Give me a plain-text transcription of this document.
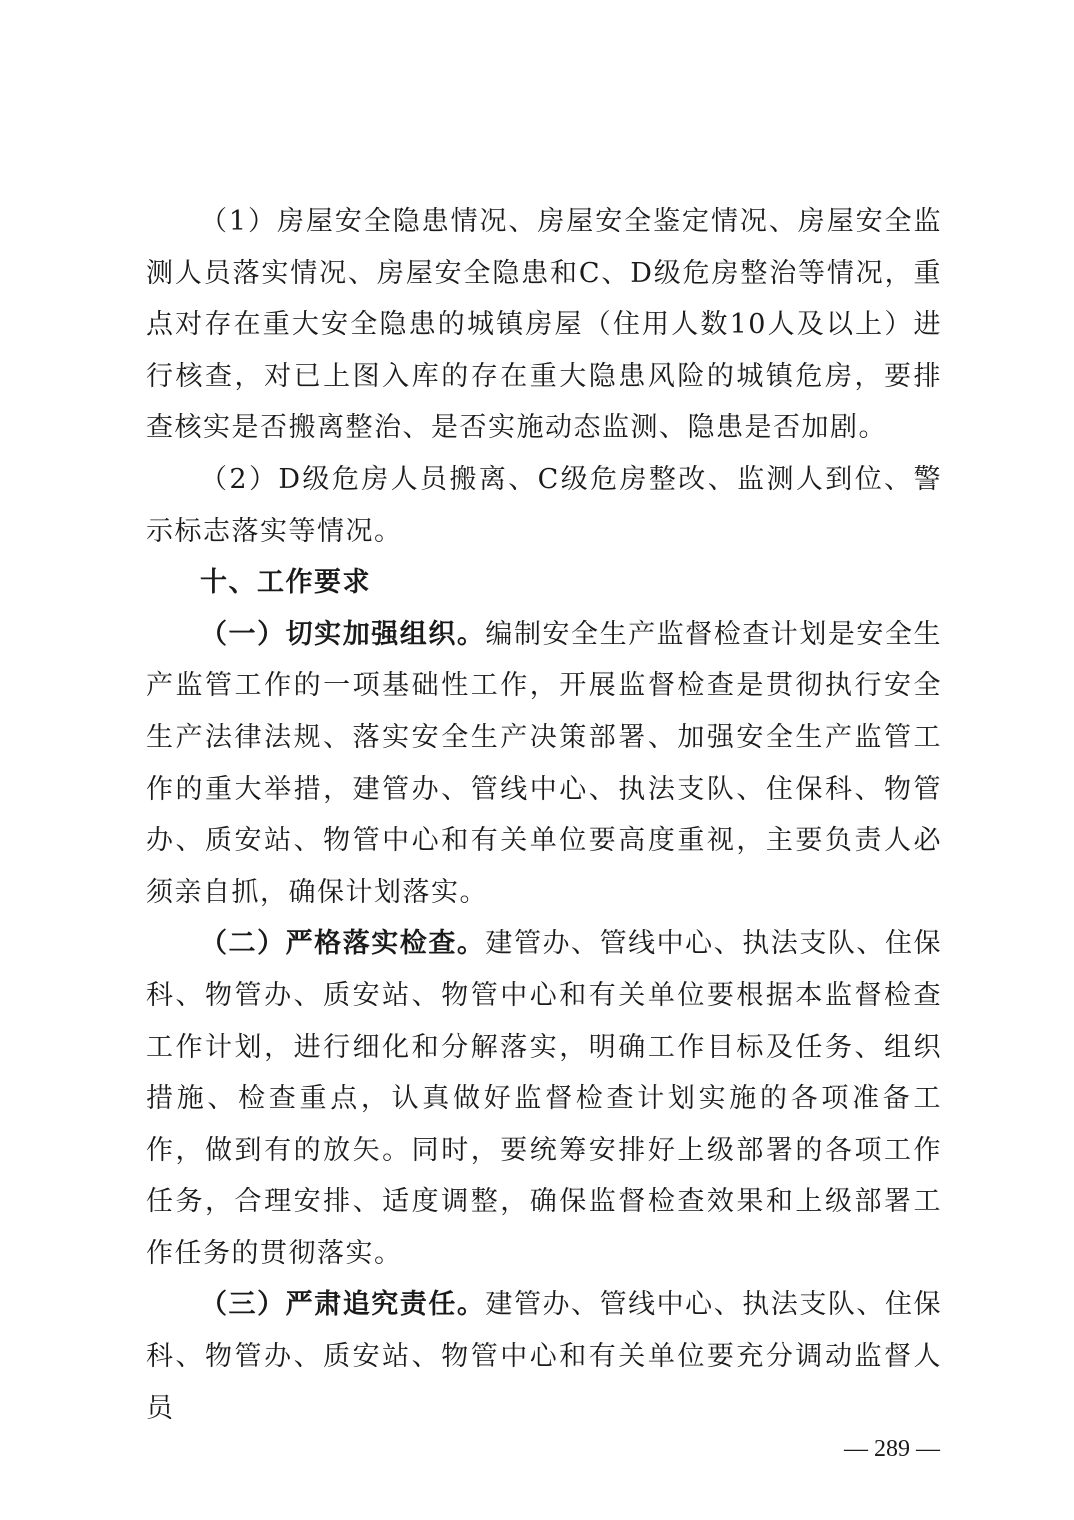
（1）房屋安全隐患情况、房屋安全鉴定情况、房屋安全监测人员落实情况、房屋安全隐患和C、D级危房整治等情况，重点对存在重大安全隐患的城镇房屋（住用人数10人及以上）进行核查，对已上图入库的存在重大隐患风险的城镇危房，要排查核实是否搬离整治、是否实施动态监测、隐患是否加剧。

（2）D级危房人员搬离、C级危房整改、监测人到位、警示标志落实等情况。

十、工作要求

（一）切实加强组织。编制安全生产监督检查计划是安全生产监管工作的一项基础性工作，开展监督检查是贯彻执行安全生产法律法规、落实安全生产决策部署、加强安全生产监管工作的重大举措，建管办、管线中心、执法支队、住保科、物管办、质安站、物管中心和有关单位要高度重视，主要负责人必须亲自抓，确保计划落实。

（二）严格落实检查。建管办、管线中心、执法支队、住保科、物管办、质安站、物管中心和有关单位要根据本监督检查工作计划，进行细化和分解落实，明确工作目标及任务、组织措施、检查重点，认真做好监督检查计划实施的各项准备工作，做到有的放矢。同时，要统筹安排好上级部署的各项工作任务，合理安排、适度调整，确保监督检查效果和上级部署工作任务的贯彻落实。

（三）严肃追究责任。建管办、管线中心、执法支队、住保科、物管办、质安站、物管中心和有关单位要充分调动监督人员

— 289 —
